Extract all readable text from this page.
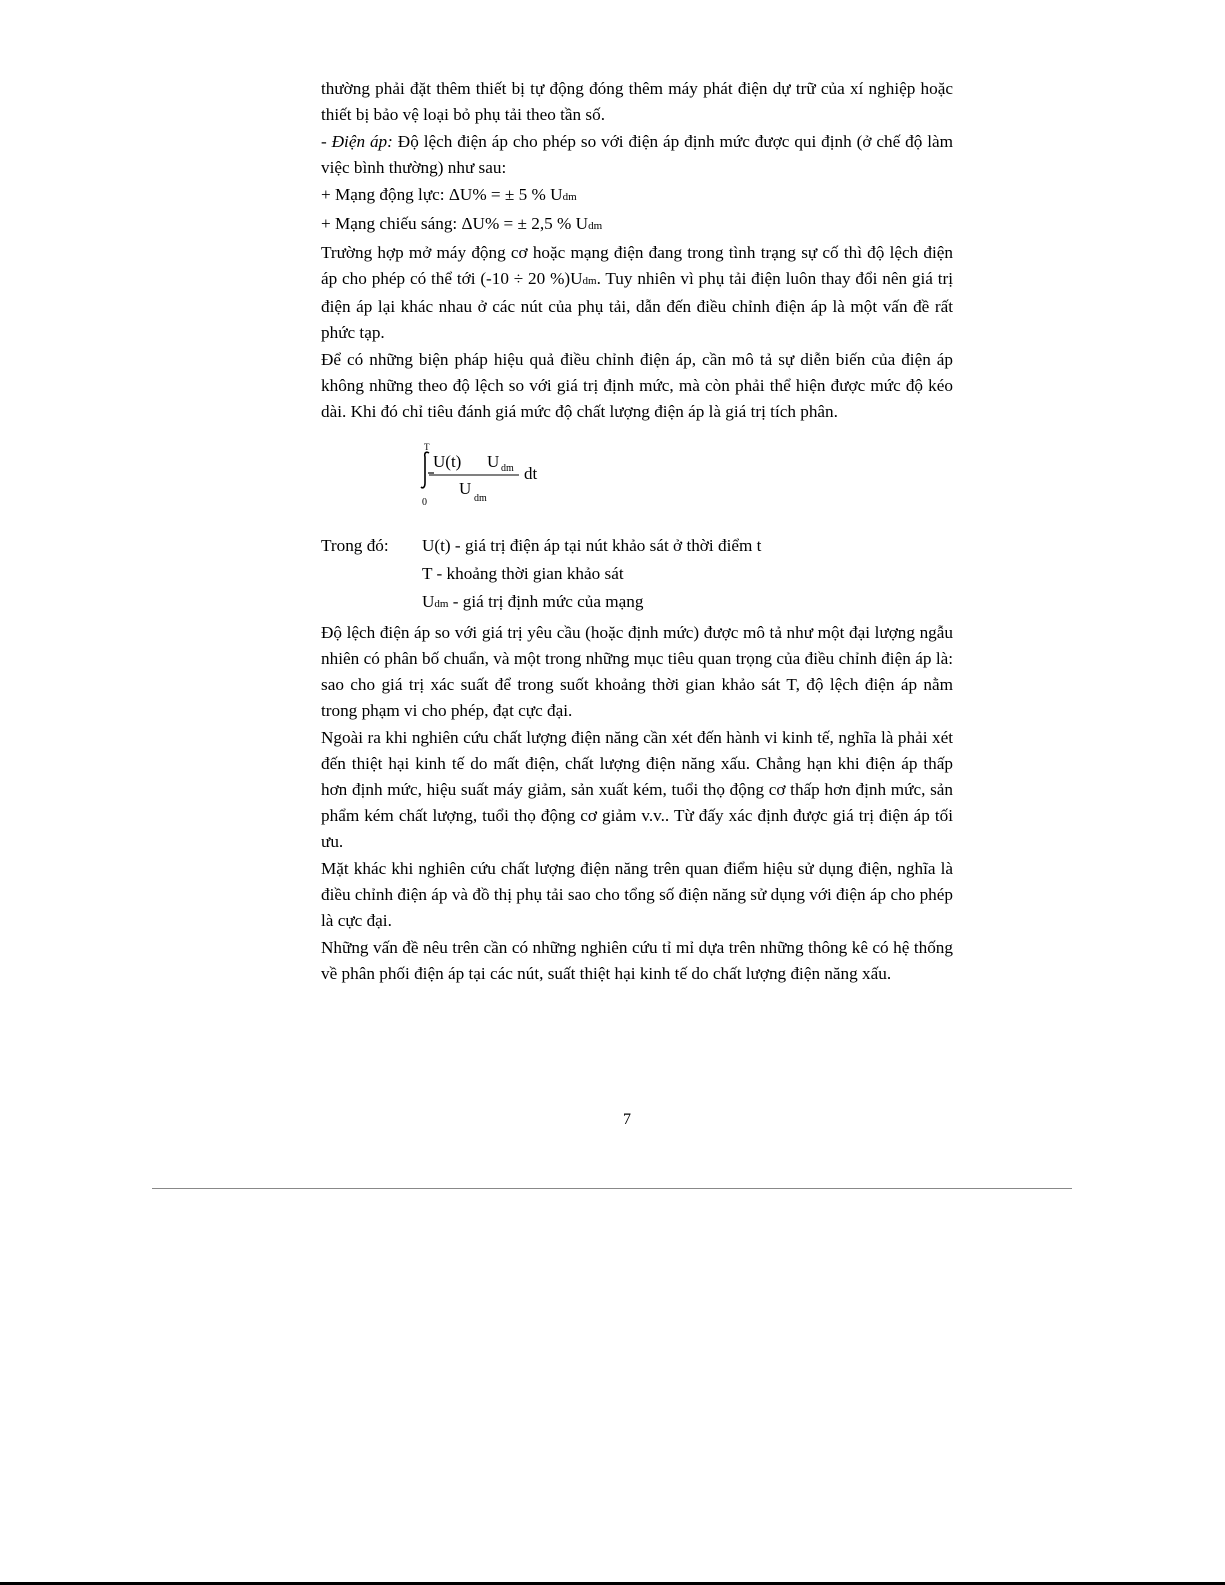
thường phải đặt thêm thiết bị tự động đóng thêm máy phát điện dự trữ của xí nghiệp hoặc thiết bị bảo vệ loại bỏ phụ tải theo tần số.

- Điện áp: Độ lệch điện áp cho phép so với điện áp định mức được qui định (ở chế độ làm việc bình thường) như sau:

+ Mạng động lực: ΔU% = ± 5 % Udm

+ Mạng chiếu sáng: ΔU% = ± 2,5 % Udm

Trường hợp mở máy động cơ hoặc mạng điện đang trong tình trạng sự cố thì độ lệch điện áp cho phép có thể tới (-10 ÷ 20 %)Udm. Tuy nhiên vì phụ tải điện luôn thay đổi nên giá trị điện áp lại khác nhau ở các nút của phụ tải, dẫn đến điều chỉnh điện áp là một vấn đề rất phức tạp.

Để có những biện pháp hiệu quả điều chỉnh điện áp, cần mô tả sự diễn biến của điện áp không những theo độ lệch so với giá trị định mức, mà còn phải thể hiện được mức độ kéo dài. Khi đó chỉ tiêu đánh giá mức độ chất lượng điện áp là giá trị tích phân.

T
0
U(t) U dm
U
dm
dt
Trong đó:	U(t) - giá trị điện áp tại nút khảo sát ở thời điểm t
T - khoảng thời gian khảo sát
Udm - giá trị định mức của mạng

Độ lệch điện áp so với giá trị yêu cầu (hoặc định mức) được mô tả như một đại lượng ngẫu nhiên có phân bố chuẩn, và một trong những mục tiêu quan trọng của điều chỉnh điện áp là: sao cho giá trị xác suất để trong suốt khoảng thời gian khảo sát T, độ lệch điện áp nằm trong phạm vi cho phép, đạt cực đại.

Ngoài ra khi nghiên cứu chất lượng điện năng cần xét đến hành vi kinh tế, nghĩa là phải xét đến thiệt hại kinh tế do mất điện, chất lượng điện năng xấu. Chẳng hạn khi điện áp thấp hơn định mức, hiệu suất máy giảm, sản xuất kém, tuổi thọ động cơ thấp hơn định mức, sản phẩm kém chất lượng, tuổi thọ động cơ giảm v.v.. Từ đấy xác định được giá trị điện áp tối ưu.

Mặt khác khi nghiên cứu chất lượng điện năng trên quan điểm hiệu sử dụng điện, nghĩa là điều chỉnh điện áp và đồ thị phụ tải sao cho tổng số điện năng sử dụng với điện áp cho phép là cực đại.

Những vấn đề nêu trên cần có những nghiên cứu tỉ mỉ dựa trên những thông kê có hệ thống về phân phối điện áp tại các nút, suất thiệt hại kinh tế do chất lượng điện năng xấu.

7
